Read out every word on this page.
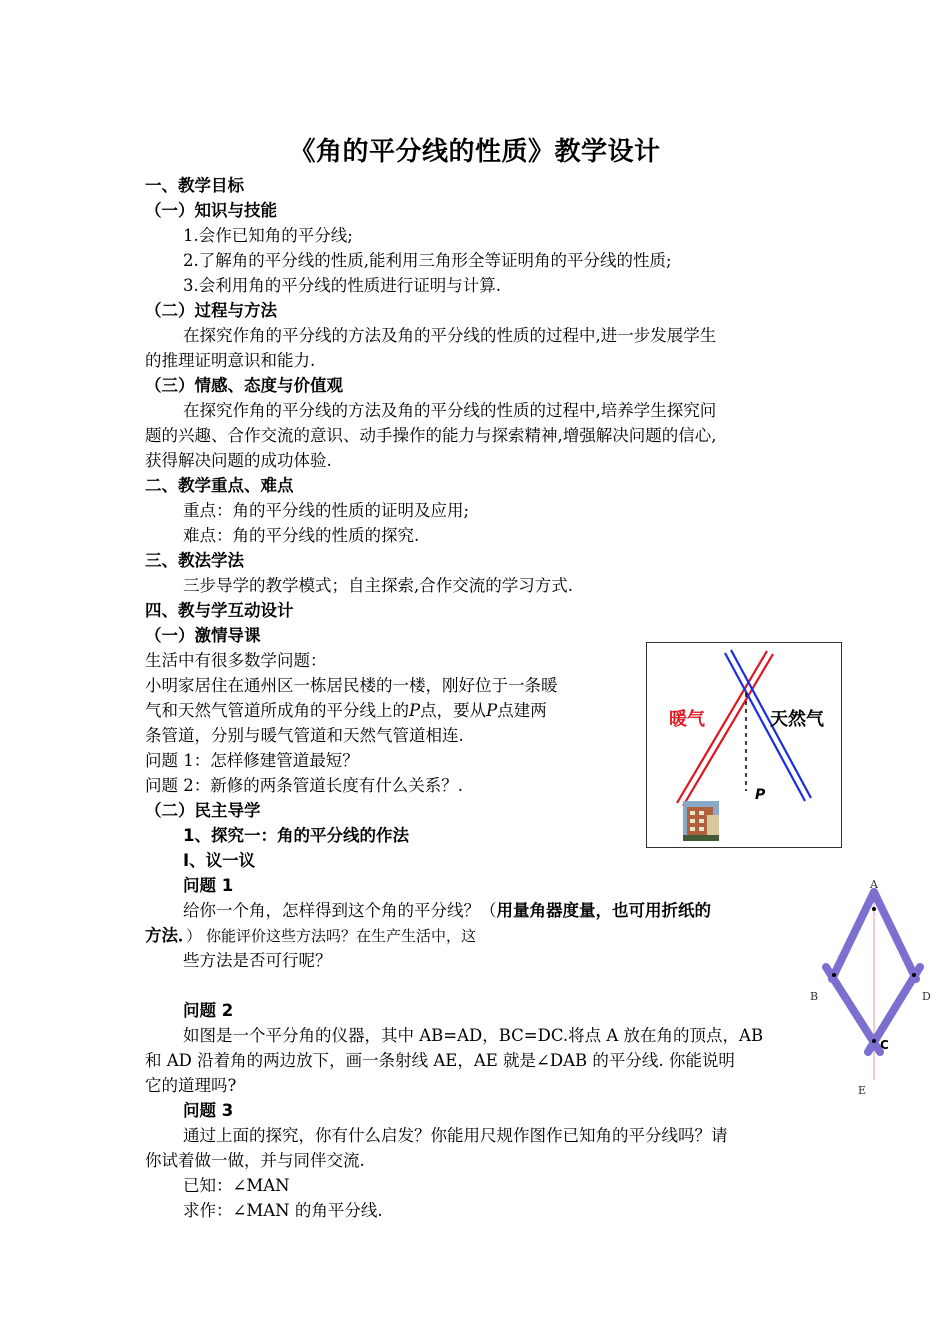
《角的平分线的性质》教学设计
一、教学目标
（一）知识与技能
1.会作已知角的平分线;
2.了解角的平分线的性质,能利用三角形全等证明角的平分线的性质;
3.会利用角的平分线的性质进行证明与计算.
（二）过程与方法
在探究作角的平分线的方法及角的平分线的性质的过程中,进一步发展学生
的推理证明意识和能力.
（三）情感、态度与价值观
在探究作角的平分线的方法及角的平分线的性质的过程中,培养学生探究问
题的兴趣、合作交流的意识、动手操作的能力与探索精神,增强解决问题的信心,
获得解决问题的成功体验.
二、教学重点、难点
重点：角的平分线的性质的证明及应用;
难点：角的平分线的性质的探究.
三、教法学法
三步导学的教学模式；自主探索,合作交流的学习方式.
四、教与学互动设计
（一）激情导课
生活中有很多数学问题：
小明家居住在通州区一栋居民楼的一楼，刚好位于一条暖
气和天然气管道所成角的平分线上的P点，要从P点建两
条管道，分别与暖气管道和天然气管道相连.
问题 1：怎样修建管道最短？
问题 2：新修的两条管道长度有什么关系？.
（二）民主导学
1、探究一：角的平分线的作法
Ⅰ、议一议
问题 1
给你一个角，怎样得到这个角的平分线？（用量角器度量，也可用折纸的
方法．） 你能评价这些方法吗？在生产生活中，这
些方法是否可行呢？
问题 2
如图是一个平分角的仪器，其中 AB=AD，BC=DC.将点 A 放在角的顶点，AB
和 AD 沿着角的两边放下，画一条射线 AE，AE 就是∠DAB 的平分线. 你能说明
它的道理吗?
问题 3
通过上面的探究，你有什么启发？你能用尺规作图作已知角的平分线吗？请
你试着做一做，并与同伴交流.
已知：∠MAN
求作：∠MAN 的角平分线.
暖气	天然气
P
A
B	D
C
E
